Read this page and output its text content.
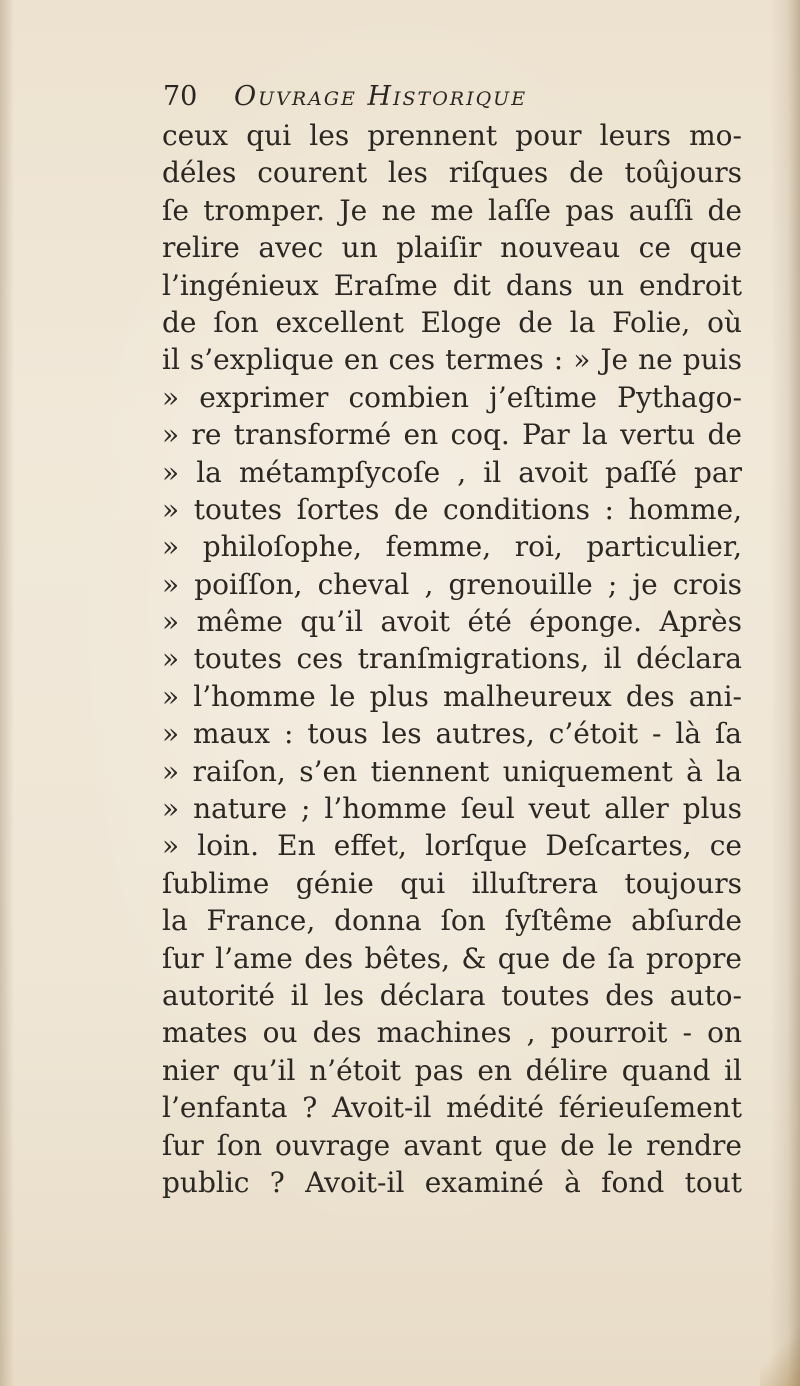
70 Ouvrage Historique
ceux qui les prennent pour leurs mo-
déles courent les riſques de toûjours
ſe tromper. Je ne me laſſe pas auſſi de
relire avec un plaiſir nouveau ce que
l’ingénieux Eraſme dit dans un endroit
de ſon excellent Eloge de la Folie, où
il s’explique en ces termes : » Je ne puis
» exprimer combien j’eſtime Pythago-
» re transformé en coq. Par la vertu de
» la métampſycoſe , il avoit paſſé par
» toutes ſortes de conditions : homme,
» philoſophe, femme, roi, particulier,
» poiſſon, cheval , grenouille ; je crois
» même qu’il avoit été éponge. Après
» toutes ces tranſmigrations, il déclara
» l’homme le plus malheureux des ani-
» maux : tous les autres, c’étoit - là ſa
» raiſon, s’en tiennent uniquement à la
» nature ; l’homme ſeul veut aller plus
» loin. En effet, lorſque Deſcartes, ce
ſublime génie qui illuſtrera toujours
la France, donna ſon ſyſtême abſurde
ſur l’ame des bêtes, & que de ſa propre
autorité il les déclara toutes des auto-
mates ou des machines , pourroit - on
nier qu’il n’étoit pas en délire quand il
l’enfanta ? Avoit-il médité férieuſement
ſur ſon ouvrage avant que de le rendre
public ? Avoit-il examiné à fond tout
